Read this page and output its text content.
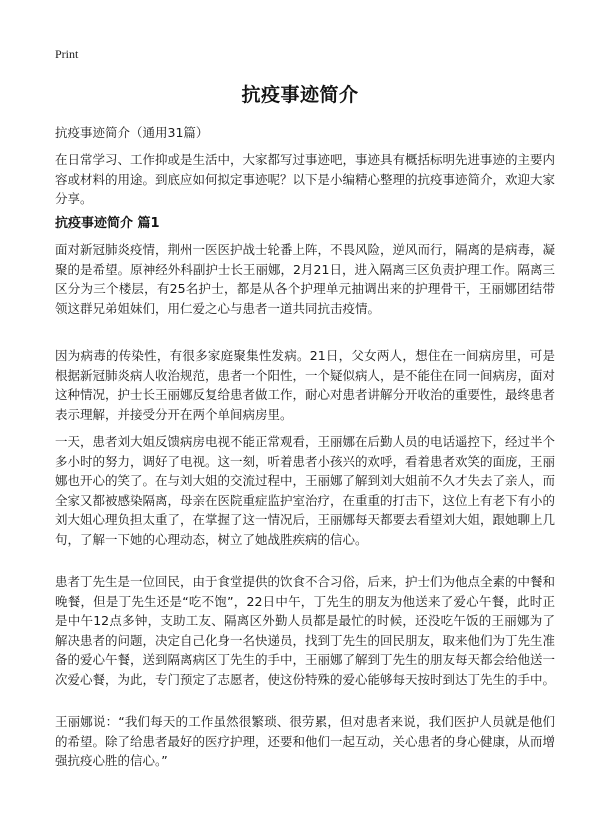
Print
抗疫事迹简介
抗疫事迹简介（通用31篇）

在日常学习、工作抑或是生活中，大家都写过事迹吧，事迹具有概括标明先进事迹的主要内容或材料的用途。到底应如何拟定事迹呢？以下是小编精心整理的抗疫事迹简介，欢迎大家分享。

抗疫事迹简介 篇1

面对新冠肺炎疫情，荆州一医医护战士轮番上阵，不畏风险，逆风而行，隔离的是病毒，凝聚的是希望。原神经外科副护士长王丽娜，2月21日，进入隔离三区负责护理工作。隔离三区分为三个楼层，有25名护士，都是从各个护理单元抽调出来的护理骨干，王丽娜团结带领这群兄弟姐妹们，用仁爱之心与患者一道共同抗击疫情。

因为病毒的传染性，有很多家庭聚集性发病。21日，父女两人，想住在一间病房里，可是根据新冠肺炎病人收治规范，患者一个阳性，一个疑似病人，是不能住在同一间病房，面对这种情况，护士长王丽娜反复给患者做工作，耐心对患者讲解分开收治的重要性，最终患者表示理解，并接受分开在两个单间病房里。

一天，患者刘大姐反馈病房电视不能正常观看，王丽娜在后勤人员的电话遥控下，经过半个多小时的努力，调好了电视。这一刻，听着患者小孩兴的欢呼，看着患者欢笑的面庞，王丽娜也开心的笑了。在与刘大姐的交流过程中，王丽娜了解到刘大姐前不久才失去了亲人，而全家又都被感染隔离，母亲在医院重症监护室治疗，在重重的打击下，这位上有老下有小的刘大姐心理负担太重了，在掌握了这一情况后，王丽娜每天都要去看望刘大姐，跟她聊上几句，了解一下她的心理动态，树立了她战胜疾病的信心。

患者丁先生是一位回民，由于食堂提供的饮食不合习俗，后来，护士们为他点全素的中餐和晚餐，但是丁先生还是“吃不饱”，22日中午，丁先生的朋友为他送来了爱心午餐，此时正是中午12点多钟，支助工友、隔离区外勤人员都是最忙的时候，还没吃午饭的王丽娜为了解决患者的问题，决定自己化身一名快递员，找到丁先生的回民朋友，取来他们为丁先生准备的爱心午餐，送到隔离病区丁先生的手中，王丽娜了解到丁先生的朋友每天都会给他送一次爱心餐，为此，专门预定了志愿者，使这份特殊的爱心能够每天按时到达丁先生的手中。

王丽娜说：“我们每天的工作虽然很繁琐、很劳累，但对患者来说，我们医护人员就是他们的希望。除了给患者最好的医疗护理，还要和他们一起互动，关心患者的身心健康，从而增强抗疫心胜的信心。”
